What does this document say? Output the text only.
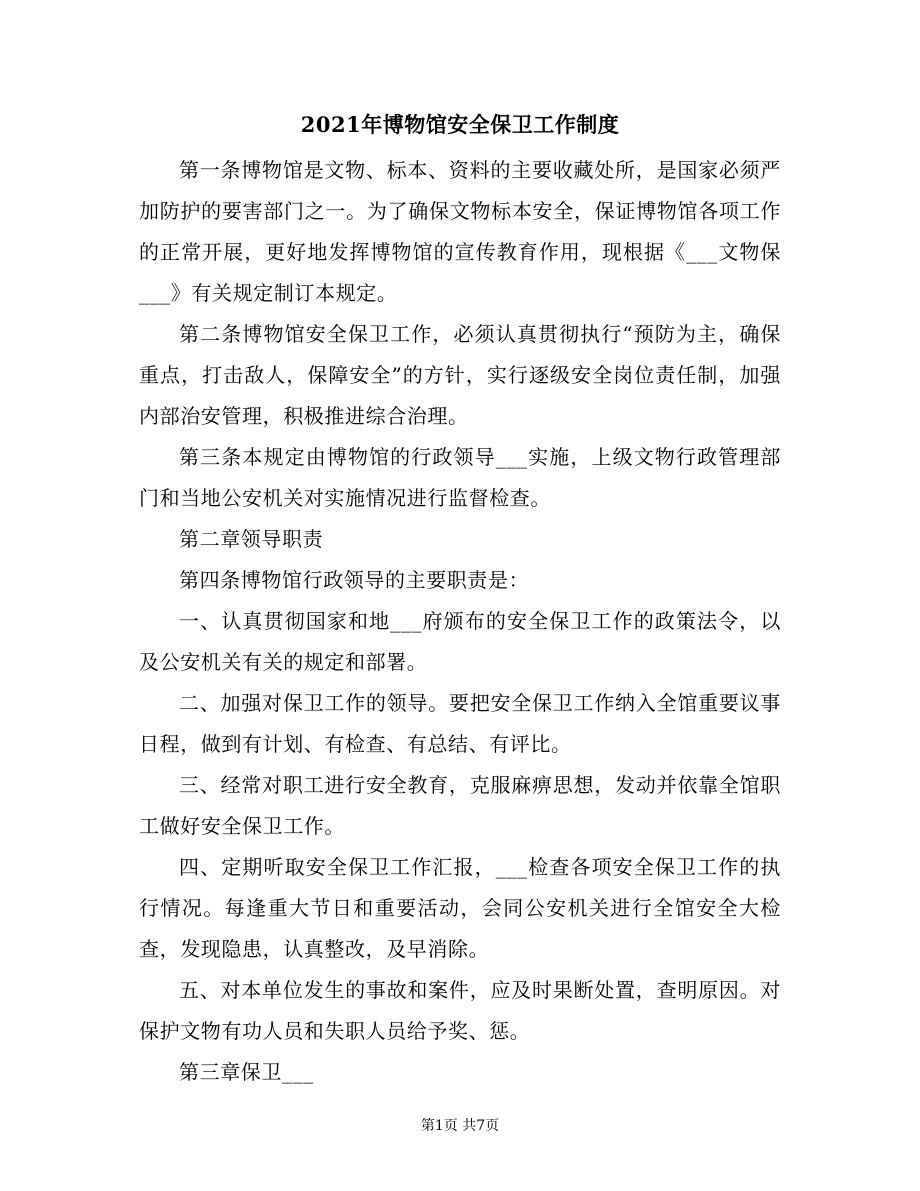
2021年博物馆安全保卫工作制度

第一条博物馆是文物、标本、资料的主要收藏处所，是国家必须严加防护的要害部门之一。为了确保文物标本安全，保证博物馆各项工作的正常开展，更好地发挥博物馆的宣传教育作用，现根据《___文物保___》有关规定制订本规定。

第二条博物馆安全保卫工作，必须认真贯彻执行“预防为主，确保重点，打击敌人，保障安全”的方针，实行逐级安全岗位责任制，加强内部治安管理，积极推进综合治理。

第三条本规定由博物馆的行政领导___实施，上级文物行政管理部门和当地公安机关对实施情况进行监督检查。

第二章领导职责

第四条博物馆行政领导的主要职责是：

一、认真贯彻国家和地___府颁布的安全保卫工作的政策法令，以及公安机关有关的规定和部署。

二、加强对保卫工作的领导。要把安全保卫工作纳入全馆重要议事日程，做到有计划、有检查、有总结、有评比。

三、经常对职工进行安全教育，克服麻痹思想，发动并依靠全馆职工做好安全保卫工作。

四、定期听取安全保卫工作汇报，___检查各项安全保卫工作的执行情况。每逢重大节日和重要活动，会同公安机关进行全馆安全大检查，发现隐患，认真整改，及早消除。

五、对本单位发生的事故和案件，应及时果断处置，查明原因。对保护文物有功人员和失职人员给予奖、惩。

第三章保卫___

第1页 共7页
